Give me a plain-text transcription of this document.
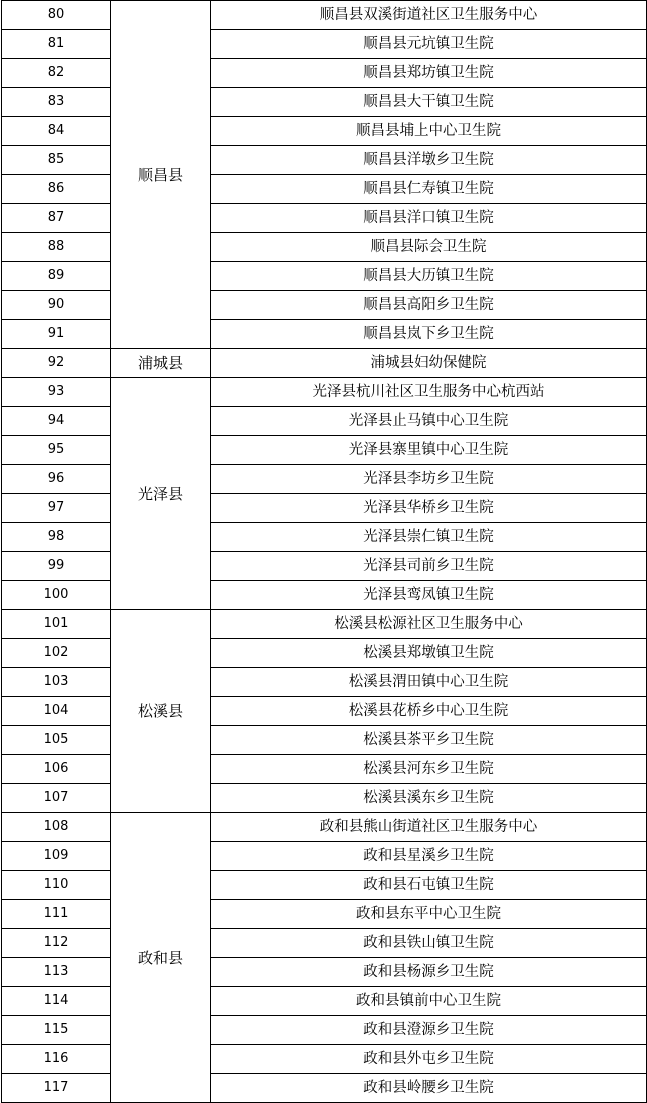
80	顺昌县	顺昌县双溪街道社区卫生服务中心
81		顺昌县元坑镇卫生院
82		顺昌县郑坊镇卫生院
83		顺昌县大干镇卫生院
84		顺昌县埔上中心卫生院
85		顺昌县洋墩乡卫生院
86		顺昌县仁寿镇卫生院
87		顺昌县洋口镇卫生院
88		顺昌县际会卫生院
89		顺昌县大历镇卫生院
90		顺昌县高阳乡卫生院
91		顺昌县岚下乡卫生院
92	浦城县	浦城县妇幼保健院
93	光泽县	光泽县杭川社区卫生服务中心杭西站
94		光泽县止马镇中心卫生院
95		光泽县寨里镇中心卫生院
96		光泽县李坊乡卫生院
97		光泽县华桥乡卫生院
98		光泽县崇仁镇卫生院
99		光泽县司前乡卫生院
100		光泽县鸾凤镇卫生院
101	松溪县	松溪县松源社区卫生服务中心
102		松溪县郑墩镇卫生院
103		松溪县渭田镇中心卫生院
104		松溪县花桥乡中心卫生院
105		松溪县茶平乡卫生院
106		松溪县河东乡卫生院
107		松溪县溪东乡卫生院
108	政和县	政和县熊山街道社区卫生服务中心
109		政和县星溪乡卫生院
110		政和县石屯镇卫生院
111		政和县东平中心卫生院
112		政和县铁山镇卫生院
113		政和县杨源乡卫生院
114		政和县镇前中心卫生院
115		政和县澄源乡卫生院
116		政和县外屯乡卫生院
117		政和县岭腰乡卫生院
